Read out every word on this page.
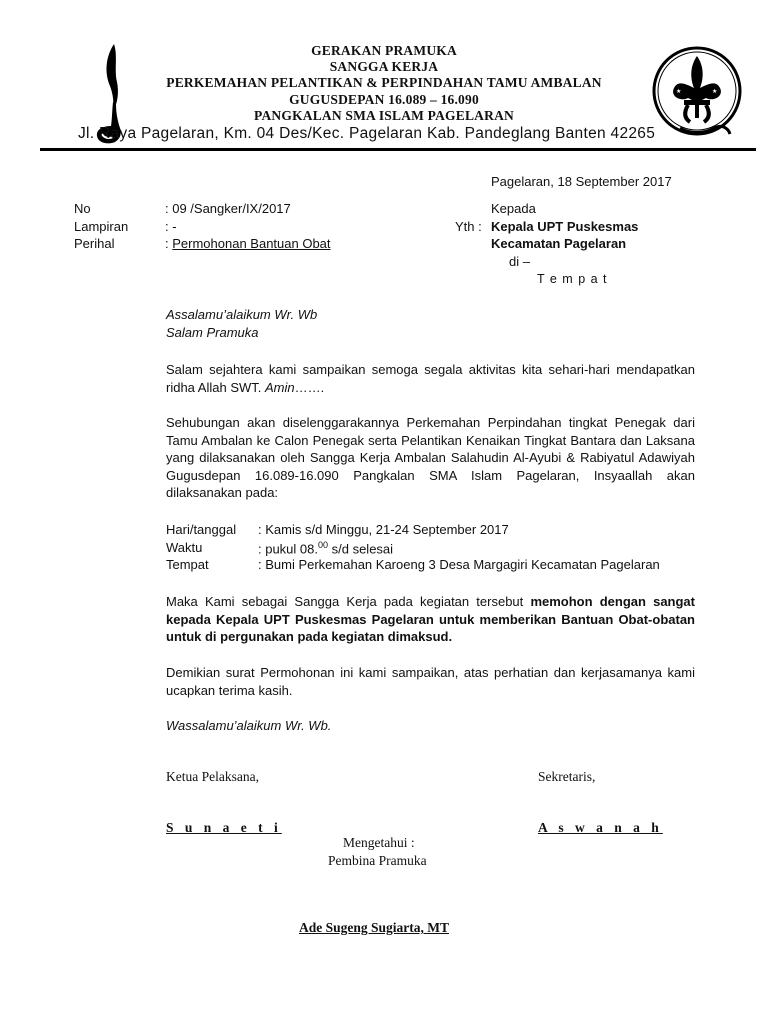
★	★
GERAKAN PRAMUKA
SANGGA KERJA
PERKEMAHAN PELANTIKAN & PERPINDAHAN TAMU AMBALAN
GUGUSDEPAN 16.089 – 16.090
PANGKALAN SMA ISLAM PAGELARAN
Jl. Raya Pagelaran, Km. 04 Des/Kec. Pagelaran Kab. Pandeglang Banten 42265
Pagelaran, 18 September 2017
No	: 09 /Sangker/IX/2017
Lampiran	: -
Perihal	: Permohonan Bantuan Obat
Kepada
Yth : Kepala UPT Puskesmas
Kecamatan Pagelaran
di –
T e m p a t
Assalamu’alaikum Wr. Wb
Salam Pramuka
Salam sejahtera kami sampaikan semoga segala aktivitas kita sehari-hari mendapatkan ridha Allah SWT. Amin…….
Sehubungan akan diselenggarakannya Perkemahan Perpindahan tingkat Penegak dari Tamu Ambalan ke Calon Penegak serta Pelantikan Kenaikan Tingkat Bantara dan Laksana yang dilaksanakan oleh Sangga Kerja Ambalan Salahudin Al-Ayubi & Rabiyatul Adawiyah Gugusdepan 16.089-16.090 Pangkalan SMA Islam Pagelaran, Insyaallah akan dilaksanakan pada:
Hari/tanggal : Kamis s/d Minggu, 21-24 September 2017
Waktu	: pukul 08.00 s/d selesai
Tempat	: Bumi Perkemahan Karoeng 3 Desa Margagiri Kecamatan Pagelaran
Maka Kami sebagai Sangga Kerja pada kegiatan tersebut memohon dengan sangat kepada Kepala UPT Puskesmas Pagelaran untuk memberikan Bantuan Obat-obatan untuk di pergunakan pada kegiatan dimaksud.
Demikian surat Permohonan ini kami sampaikan, atas perhatian dan kerjasamanya kami ucapkan terima kasih.
Wassalamu’alaikum Wr. Wb.
Ketua Pelaksana,
S u n a e t i
Sekretaris,
A s w a n a h
Mengetahui :
Pembina Pramuka
Ade Sugeng Sugiarta, MT
